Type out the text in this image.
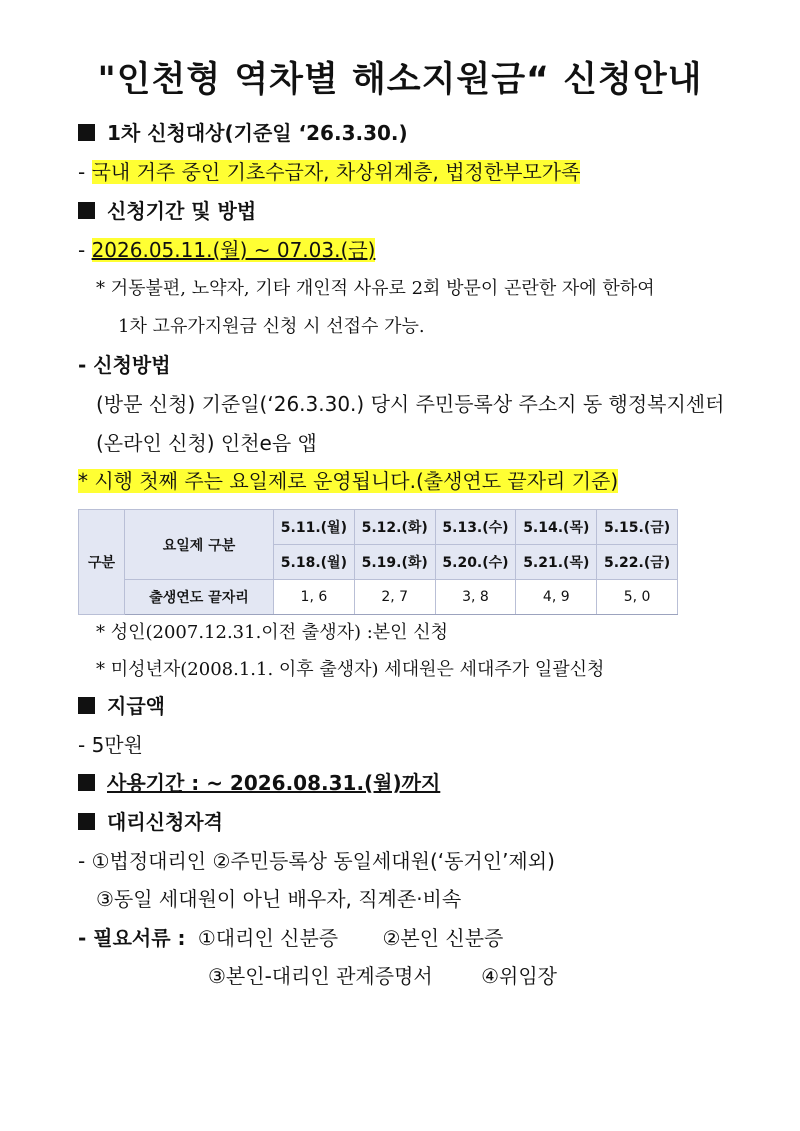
"인천형 역차별 해소지원금“ 신청안내
1차 신청대상(기준일 ‘26.3.30.)
- 국내 거주 중인 기초수급자, 차상위계층, 법정한부모가족
신청기간 및 방법
- 2026.05.11.(월) ~ 07.03.(금)
* 거동불편, 노약자, 기타 개인적 사유로 2회 방문이 곤란한 자에 한하여
1차 고유가지원금 신청 시 선접수 가능.
- 신청방법
(방문 신청) 기준일(‘26.3.30.) 당시 주민등록상 주소지 동 행정복지센터
(온라인 신청) 인천e음 앱
* 시행 첫째 주는 요일제로 운영됩니다.(출생연도 끝자리 기준)
구분	요일제 구분	5.11.(월)	5.12.(화)	5.13.(수)	5.14.(목)	5.15.(금)
		5.18.(월)	5.19.(화)	5.20.(수)	5.21.(목)	5.22.(금)
	출생연도 끝자리	1, 6	2, 7	3, 8	4, 9	5, 0
* 성인(2007.12.31.이전 출생자) :본인 신청
* 미성년자(2008.1.1. 이후 출생자) 세대원은 세대주가 일괄신청
지급액
- 5만원
사용기간 : ~ 2026.08.31.(월)까지
대리신청자격
- ①법정대리인 ②주민등록상 동일세대원(‘동거인’제외)
③동일 세대원이 아닌 배우자, 직계존·비속
- 필요서류 : ①대리인 신분증 ②본인 신분증
③본인-대리인 관계증명서 ④위임장
